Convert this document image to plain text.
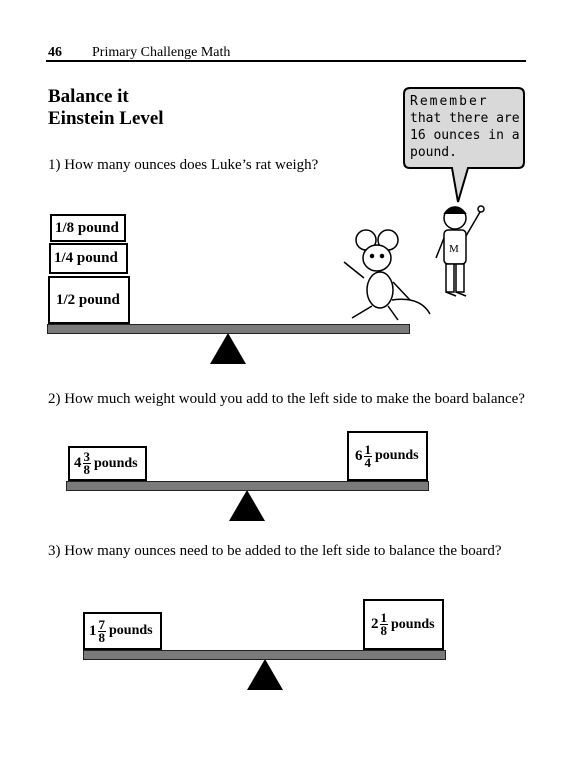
46 Primary Challenge Math
Balance it
Einstein Level
M
Remember
that there are
16 ounces in a
pound.
1) How many ounces does Luke’s rat weigh?
1/8 pound
1/4 pound
1/2 pound
2) How much weight would you add to the left side to make the board balance?
$4 \frac{3}{8}$ pounds	$6 \frac{1}{4}$ pounds
3) How many ounces need to be added to the left side to balance the board?
$1 \frac{7}{8}$ pounds	$2 \frac{1}{8}$ pounds
